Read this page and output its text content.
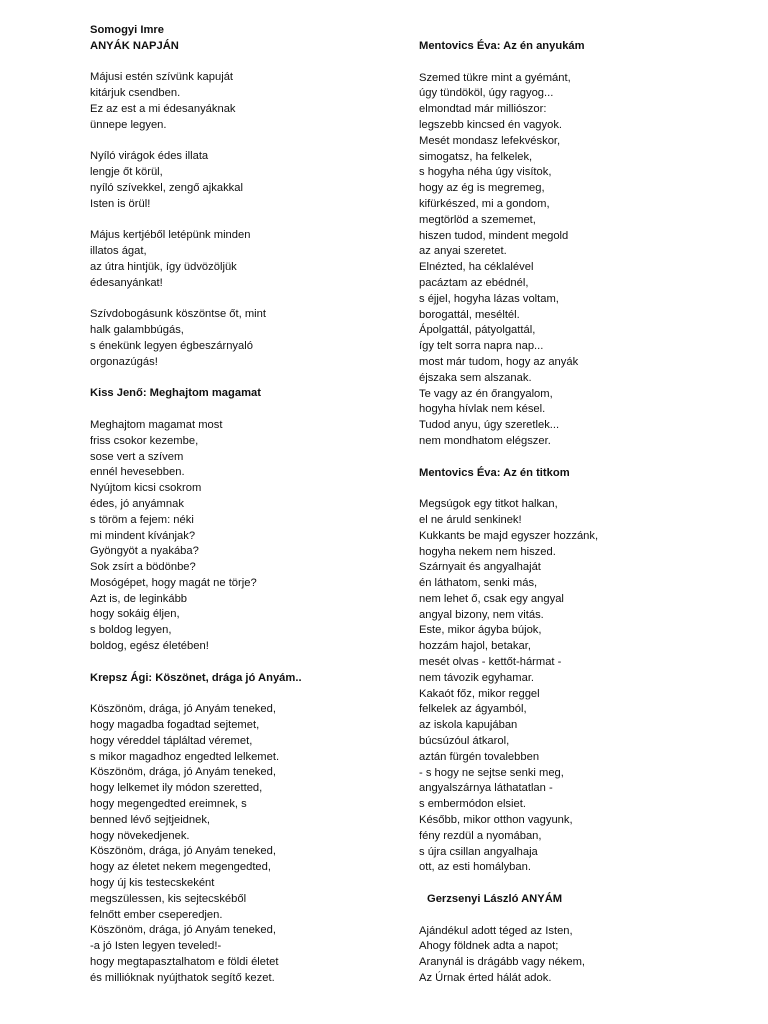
Somogyi Imre
ANYÁK NAPJÁN
Májusi estén szívünk kapuját
kitárjuk csendben.
Ez az est a mi édesanyáknak
ünnepe legyen.
Nyíló virágok édes illata
lengje őt körül,
nyíló szívekkel, zengő ajkakkal
Isten is örül!
Május kertjéből letépünk minden
illatos ágat,
az útra hintjük, így üdvözöljük
édesanyánkat!
Szívdobogásunk köszöntse őt, mint
halk galambbúgás,
s énekünk legyen égbeszárnyaló
orgonazúgás!
Kiss Jenő: Meghajtom magamat
Meghajtom magamat most
friss csokor kezembe,
sose vert a szívem
ennél hevesebben.
Nyújtom kicsi csokrom
édes, jó anyámnak
s töröm a fejem: néki
mi mindent kívánjak?
Gyöngyöt a nyakába?
Sok zsírt a bödönbe?
Mosógépet, hogy magát ne törje?
Azt is, de leginkább
hogy sokáig éljen,
s boldog legyen,
boldog, egész életében!
Krepsz Ági: Köszönet, drága jó Anyám..
Köszönöm, drága, jó Anyám teneked,
hogy magadba fogadtad sejtemet,
hogy véreddel tápláltad véremet,
s mikor magadhoz engedted lelkemet.
Köszönöm, drága, jó Anyám teneked,
hogy lelkemet ily módon szeretted,
hogy megengedted ereimnek, s
benned lévő sejtjeidnek,
hogy növekedjenek.
Köszönöm, drága, jó Anyám teneked,
hogy az életet nekem megengedted,
hogy új kis testecskeként
megszülessen, kis sejtecskéből
felnőtt ember cseperedjen.
Köszönöm, drága, jó Anyám teneked,
-a jó Isten legyen teveled!-
hogy megtapasztalhatom e földi életet
és millióknak nyújthatok segítő kezet.
Mentovics Éva: Az én anyukám
Szemed tükre mint a gyémánt,
úgy tündököl, úgy ragyog...
elmondtad már milliószor:
legszebb kincsed én vagyok.
Mesét mondasz lefekvéskor,
simogatsz, ha felkelek,
s hogyha néha úgy visítok,
hogy az ég is megremeg,
kifürkészed, mi a gondom,
megtörlöd a szememet,
hiszen tudod, mindent megold
az anyai szeretet.
Elnézted, ha céklalével
pacáztam az ebédnél,
s éjjel, hogyha lázas voltam,
borogattál, meséltél.
Ápolgattál, pátyolgattál,
így telt sorra napra nap...
most már tudom, hogy az anyák
éjszaka sem alszanak.
Te vagy az én őrangyalom,
hogyha hívlak nem késel.
Tudod anyu, úgy szeretlek...
nem mondhatom elégszer.
Mentovics Éva: Az én titkom
Megsúgok egy titkot halkan,
el ne áruld senkinek!
Kukkants be majd egyszer hozzánk,
hogyha nekem nem hiszed.
Szárnyait és angyalhaját
én láthatom, senki más,
nem lehet ő, csak egy angyal
angyal bizony, nem vitás.
Este, mikor ágyba bújok,
hozzám hajol, betakar,
mesét olvas - kettőt-hármat -
nem távozik egyhamar.
Kakaót főz, mikor reggel
felkelek az ágyamból,
az iskola kapujában
búcsúzóul átkarol,
aztán fürgén tovalebben
- s hogy ne sejtse senki meg,
angyalszárnya láthatatlan -
s embermódon elsiet.
Később, mikor otthon vagyunk,
fény rezdül a nyomában,
s újra csillan angyalhaja
ott, az esti homályban.
Gerzsenyi László ANYÁM
Ajándékul adott téged az Isten,
Ahogy földnek adta a napot;
Aranynál is drágább vagy nékem,
Az Úrnak érted hálát adok.
